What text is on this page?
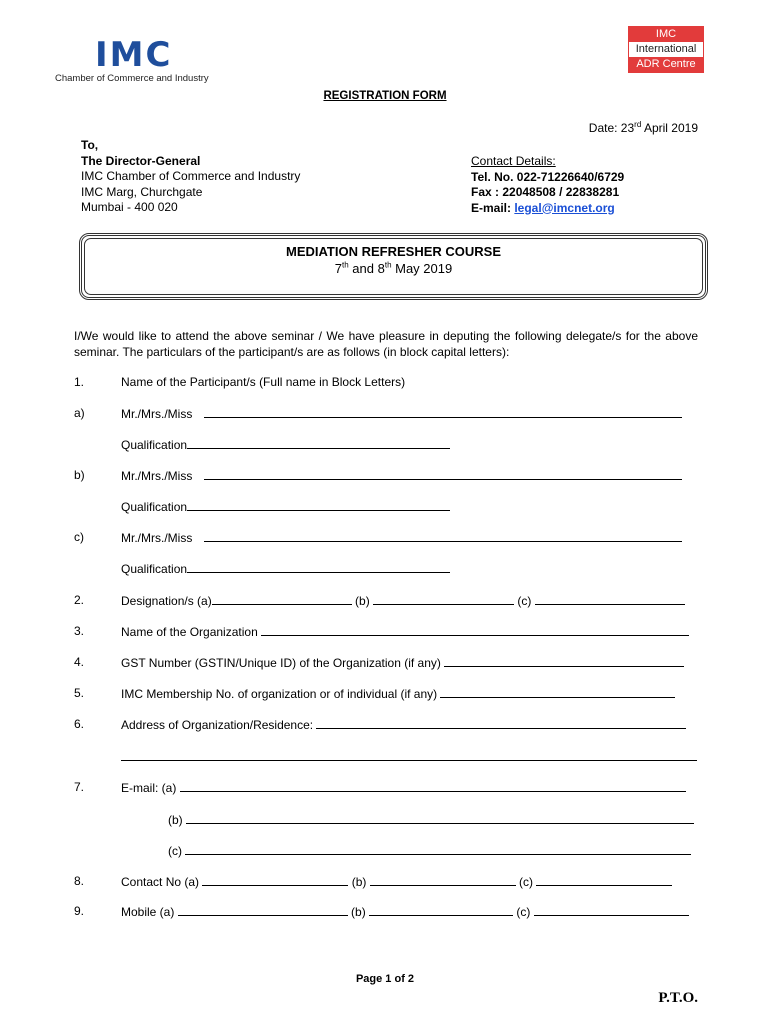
IMC
Chamber of Commerce and Industry
IMC
International
ADR Centre
REGISTRATION FORM
Date: 23rd April 2019
To,
The Director-General
IMC Chamber of Commerce and Industry
IMC Marg, Churchgate
Mumbai - 400 020
Contact Details:
Tel. No. 022-71226640/6729
Fax : 22048508 / 22838281
E-mail: legal@imcnet.org
MEDIATION REFRESHER COURSE
7th and 8th May 2019
I/We would like to attend the above seminar / We have pleasure in deputing the following delegate/s for the above seminar. The particulars of the participant/s are as follows (in block capital letters):
1.	Name of the Participant/s (Full name in Block Letters)
a)	Mr./Mrs./Miss
Qualification
b)	Mr./Mrs./Miss
Qualification
c)	Mr./Mrs./Miss
Qualification
2.	Designation/s (a)	(b)	(c)
3.	Name of the Organization
4.	GST Number (GSTIN/Unique ID) of the Organization (if any)
5.	IMC Membership No. of organization or of individual (if any)
6.	Address of Organization/Residence:
7.	E-mail: (a)
(b)
(c)
8.	Contact No (a)	(b)	(c)
9.	Mobile (a)	(b)	(c)
Page 1 of 2
P.T.O.
